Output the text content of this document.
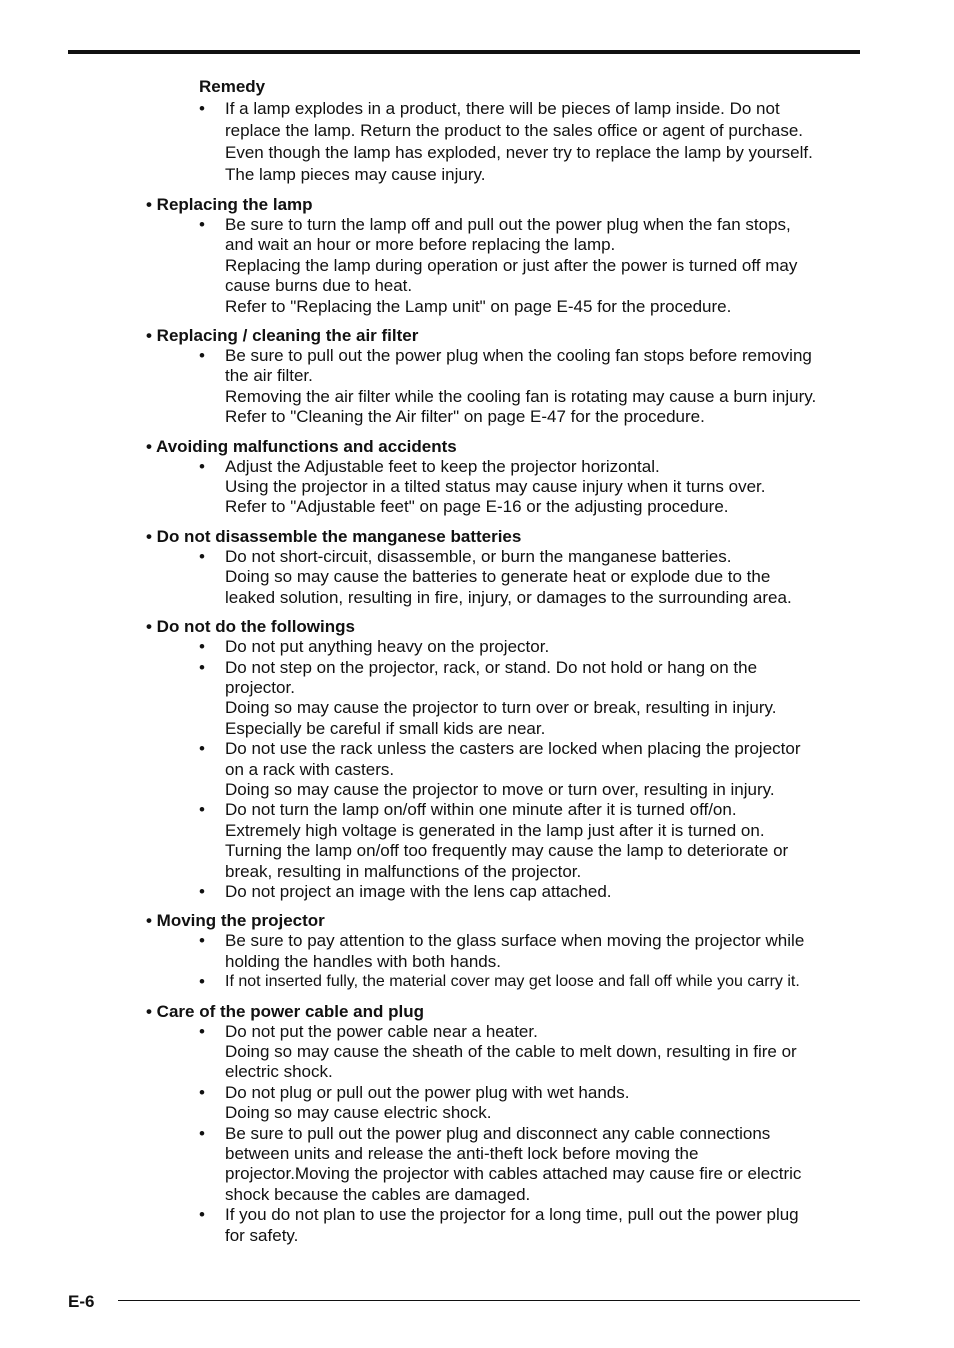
Remedy
• If a lamp explodes in a product, there will be pieces of lamp inside. Do not
replace the lamp. Return the product to the sales office or agent of purchase.
Even though the lamp has exploded, never try to replace the lamp by yourself.
The lamp pieces may cause injury.
• Replacing the lamp
• Be sure to turn the lamp off and pull out the power plug when the fan stops,
and wait an hour or more before replacing the lamp.
Replacing the lamp during operation or just after the power is turned off may
cause burns due to heat.
Refer to "Replacing the Lamp unit" on page E-45 for the procedure.
• Replacing / cleaning the air filter
• Be sure to pull out the power plug when the cooling fan stops before removing
the air filter.
Removing the air filter while the cooling fan is rotating may cause a burn injury.
Refer to "Cleaning the Air filter" on page E-47 for the procedure.
• Avoiding malfunctions and accidents
• Adjust the Adjustable feet to keep the projector horizontal.
Using the projector in a tilted status may cause injury when it turns over.
Refer to "Adjustable feet" on page E-16 or the adjusting procedure.
• Do not disassemble the manganese batteries
• Do not short-circuit, disassemble, or burn the manganese batteries.
Doing so may cause the batteries to generate heat or explode due to the
leaked solution, resulting in fire, injury, or damages to the surrounding area.
• Do not do the followings
• Do not put anything heavy on the projector.
• Do not step on the projector, rack, or stand. Do not hold or hang on the
projector.
Doing so may cause the projector to turn over or break, resulting in injury.
Especially be careful if small kids are near.
• Do not use the rack unless the casters are locked when placing the projector
on a rack with casters.
Doing so may cause the projector to move or turn over, resulting in injury.
• Do not turn the lamp on/off within one minute after it is turned off/on.
Extremely high voltage is generated in the lamp just after it is turned on.
Turning the lamp on/off too frequently may cause the lamp to deteriorate or
break, resulting in malfunctions of the projector.
• Do not project an image with the lens cap attached.
• Moving the projector
• Be sure to pay attention to the glass surface when moving the projector while
holding the handles with both hands.
• If not inserted fully, the material cover may get loose and fall off while you carry it.
• Care of the power cable and plug
• Do not put the power cable near a heater.
Doing so may cause the sheath of the cable to melt down, resulting in fire or
electric shock.
• Do not plug or pull out the power plug with wet hands.
Doing so may cause electric shock.
• Be sure to pull out the power plug and disconnect any cable connections
between units and release the anti-theft lock before moving the
projector.Moving the projector with cables attached may cause fire or electric
shock because the cables are damaged.
• If you do not plan to use the projector for a long time, pull out the power plug
for safety.
E-6
